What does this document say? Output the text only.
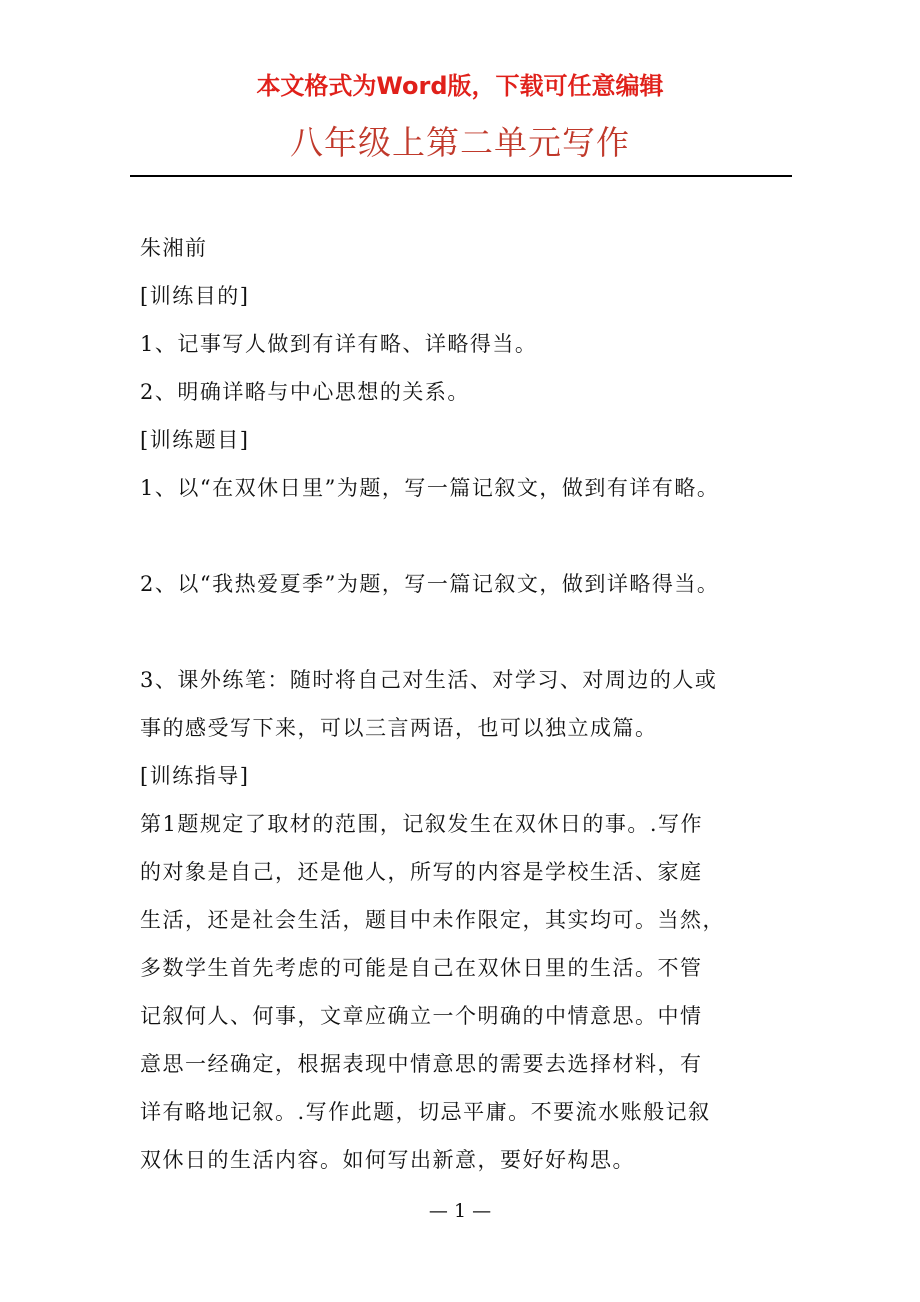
本文格式为Word版，下载可任意编辑
八年级上第二单元写作
朱湘前
[训练目的]
1、记事写人做到有详有略、详略得当。
2、明确详略与中心思想的关系。
[训练题目]
1、以“在双休日里”为题，写一篇记叙文，做到有详有略。
2、以“我热爱夏季”为题，写一篇记叙文，做到详略得当。
3、课外练笔：随时将自己对生活、对学习、对周边的人或
事的感受写下来，可以三言两语，也可以独立成篇。
[训练指导]
第1题规定了取材的范围，记叙发生在双休日的事。.写作
的对象是自己，还是他人，所写的内容是学校生活、家庭
生活，还是社会生活，题目中未作限定，其实均可。当然，
多数学生首先考虑的可能是自己在双休日里的生活。不管
记叙何人、何事，文章应确立一个明确的中情意思。中情
意思一经确定，根据表现中情意思的需要去选择材料，有
详有略地记叙。.写作此题，切忌平庸。不要流水账般记叙
双休日的生活内容。如何写出新意，要好好构思。
— 1 —
